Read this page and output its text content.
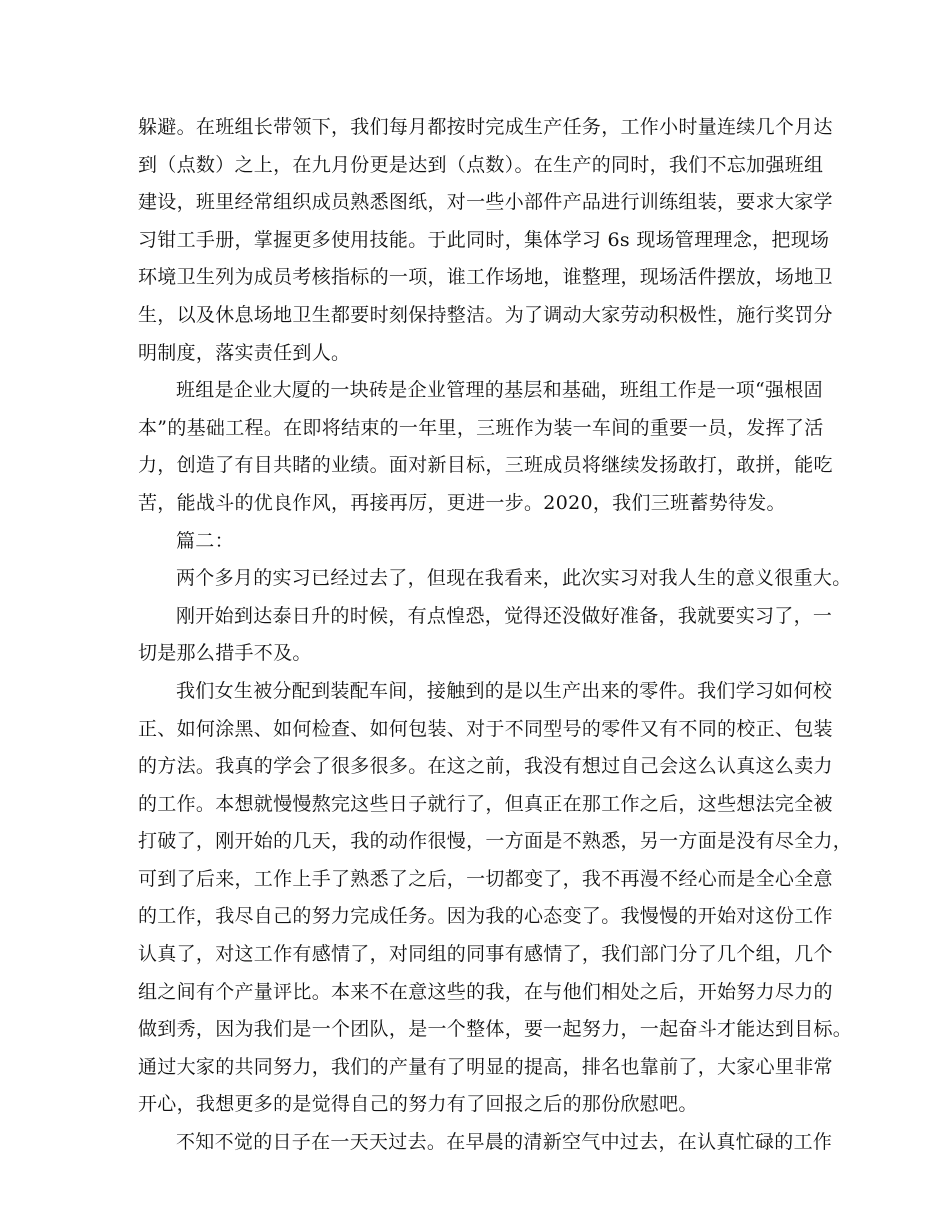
躲避。在班组长带领下，我们每月都按时完成生产任务，工作小时量连续几个月达
到（点数）之上，在九月份更是达到（点数）。在生产的同时，我们不忘加强班组
建设，班里经常组织成员熟悉图纸，对一些小部件产品进行训练组装，要求大家学
习钳工手册，掌握更多使用技能。于此同时，集体学习 6s 现场管理理念，把现场
环境卫生列为成员考核指标的一项，谁工作场地，谁整理，现场活件摆放，场地卫
生，以及休息场地卫生都要时刻保持整洁。为了调动大家劳动积极性，施行奖罚分
明制度，落实责任到人。
班组是企业大厦的一块砖是企业管理的基层和基础，班组工作是一项“强根固
本”的基础工程。在即将结束的一年里，三班作为装一车间的重要一员，发挥了活
力，创造了有目共睹的业绩。面对新目标，三班成员将继续发扬敢打，敢拼，能吃
苦，能战斗的优良作风，再接再厉，更进一步。2020，我们三班蓄势待发。
篇二：
两个多月的实习已经过去了，但现在我看来，此次实习对我人生的意义很重大。
刚开始到达泰日升的时候，有点惶恐，觉得还没做好准备，我就要实习了，一
切是那么措手不及。
我们女生被分配到装配车间，接触到的是以生产出来的零件。我们学习如何校
正、如何涂黑、如何检查、如何包装、对于不同型号的零件又有不同的校正、包装
的方法。我真的学会了很多很多。在这之前，我没有想过自己会这么认真这么卖力
的工作。本想就慢慢熬完这些日子就行了，但真正在那工作之后，这些想法完全被
打破了，刚开始的几天，我的动作很慢，一方面是不熟悉，另一方面是没有尽全力，
可到了后来，工作上手了熟悉了之后，一切都变了，我不再漫不经心而是全心全意
的工作，我尽自己的努力完成任务。因为我的心态变了。我慢慢的开始对这份工作
认真了，对这工作有感情了，对同组的同事有感情了，我们部门分了几个组，几个
组之间有个产量评比。本来不在意这些的我，在与他们相处之后，开始努力尽力的
做到秀，因为我们是一个团队，是一个整体，要一起努力，一起奋斗才能达到目标。
通过大家的共同努力，我们的产量有了明显的提高，排名也靠前了，大家心里非常
开心，我想更多的是觉得自己的努力有了回报之后的那份欣慰吧。
不知不觉的日子在一天天过去。在早晨的清新空气中过去，在认真忙碌的工作
